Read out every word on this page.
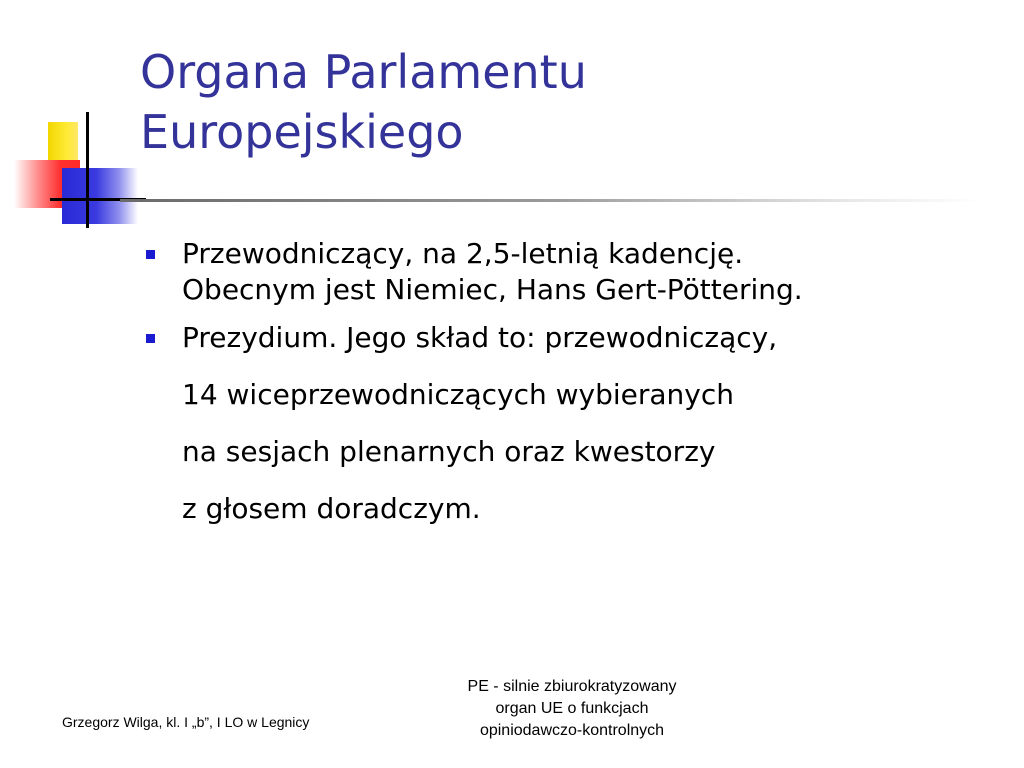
Organa Parlamentu
Europejskiego
Przewodniczący, na 2,5-letnią kadencję.
Obecnym jest Niemiec, Hans Gert-Pöttering.
Prezydium. Jego skład to: przewodniczący,
14 wiceprzewodniczących wybieranych
na sesjach plenarnych oraz kwestorzy
z głosem doradczym.
Grzegorz Wilga, kl. I „b”, I LO w Legnicy
PE - silnie zbiurokratyzowany
organ UE o funkcjach
opiniodawczo-kontrolnych
